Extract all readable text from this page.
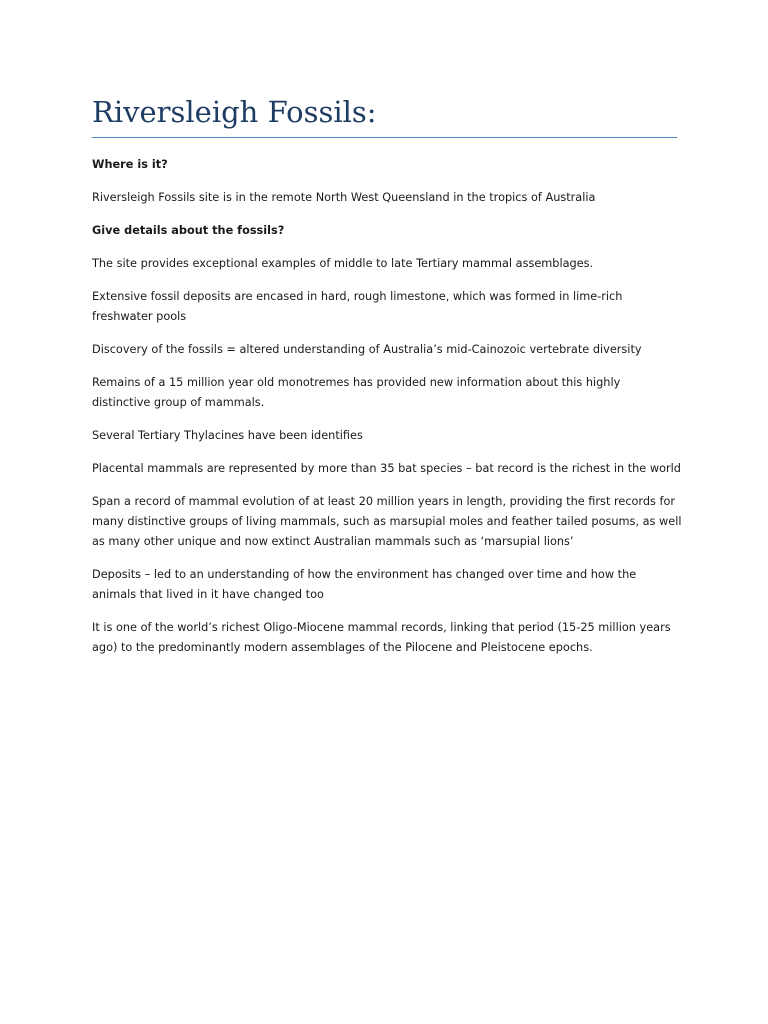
Riversleigh Fossils:

Where is it?

Riversleigh Fossils site is in the remote North West Queensland in the tropics of Australia

Give details about the fossils?

The site provides exceptional examples of middle to late Tertiary mammal assemblages.

Extensive fossil deposits are encased in hard, rough limestone, which was formed in lime-rich freshwater pools

Discovery of the fossils = altered understanding of Australia’s mid-Cainozoic vertebrate diversity

Remains of a 15 million year old monotremes has provided new information about this highly distinctive group of mammals.

Several Tertiary Thylacines have been identifies

Placental mammals are represented by more than 35 bat species – bat record is the richest in the world

Span a record of mammal evolution of at least 20 million years in length, providing the first records for many distinctive groups of living mammals, such as marsupial moles and feather tailed posums, as well as many other unique and now extinct Australian mammals such as ‘marsupial lions’

Deposits – led to an understanding of how the environment has changed over time and how the animals that lived in it have changed too

It is one of the world’s richest Oligo-Miocene mammal records, linking that period (15-25 million years ago) to the predominantly modern assemblages of the Pilocene and Pleistocene epochs.
